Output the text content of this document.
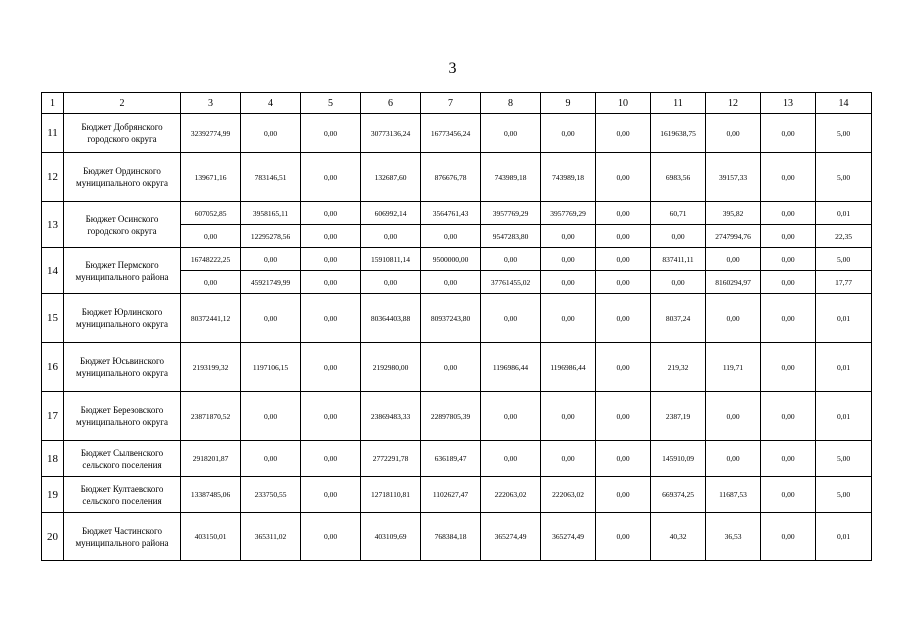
3
1	2	3	4	5	6	7	8	9	10	11	12	13	14
11	Бюджет Добрянского городского округа	32392774,99	0,00	0,00	30773136,24	16773456,24	0,00	0,00	0,00	1619638,75	0,00	0,00	5,00
12	Бюджет Ординского муниципального округа	139671,16	783146,51	0,00	132687,60	876676,78	743989,18	743989,18	0,00	6983,56	39157,33	0,00	5,00
13	Бюджет Осинского городского округа	607052,85	3958165,11	0,00	606992,14	3564761,43	3957769,29	3957769,29	0,00	60,71	395,82	0,00	0,01
		0,00	12295278,56	0,00	0,00	0,00	9547283,80	0,00	0,00	0,00	2747994,76	0,00	22,35
14	Бюджет Пермского муниципального района	16748222,25	0,00	0,00	15910811,14	9500000,00	0,00	0,00	0,00	837411,11	0,00	0,00	5,00
		0,00	45921749,99	0,00	0,00	0,00	37761455,02	0,00	0,00	0,00	8160294,97	0,00	17,77
15	Бюджет Юрлинского муниципального округа	80372441,12	0,00	0,00	80364403,88	80937243,80	0,00	0,00	0,00	8037,24	0,00	0,00	0,01
16	Бюджет Юсьвинского муниципального округа	2193199,32	1197106,15	0,00	2192980,00	0,00	1196986,44	1196986,44	0,00	219,32	119,71	0,00	0,01
17	Бюджет Березовского муниципального округа	23871870,52	0,00	0,00	23869483,33	22897805,39	0,00	0,00	0,00	2387,19	0,00	0,00	0,01
18	Бюджет Сылвенского сельского поселения	2918201,87	0,00	0,00	2772291,78	636189,47	0,00	0,00	0,00	145910,09	0,00	0,00	5,00
19	Бюджет Култаевского сельского поселения	13387485,06	233750,55	0,00	12718110,81	1102627,47	222063,02	222063,02	0,00	669374,25	11687,53	0,00	5,00
20	Бюджет Частинского муниципального района	403150,01	365311,02	0,00	403109,69	768384,18	365274,49	365274,49	0,00	40,32	36,53	0,00	0,01
